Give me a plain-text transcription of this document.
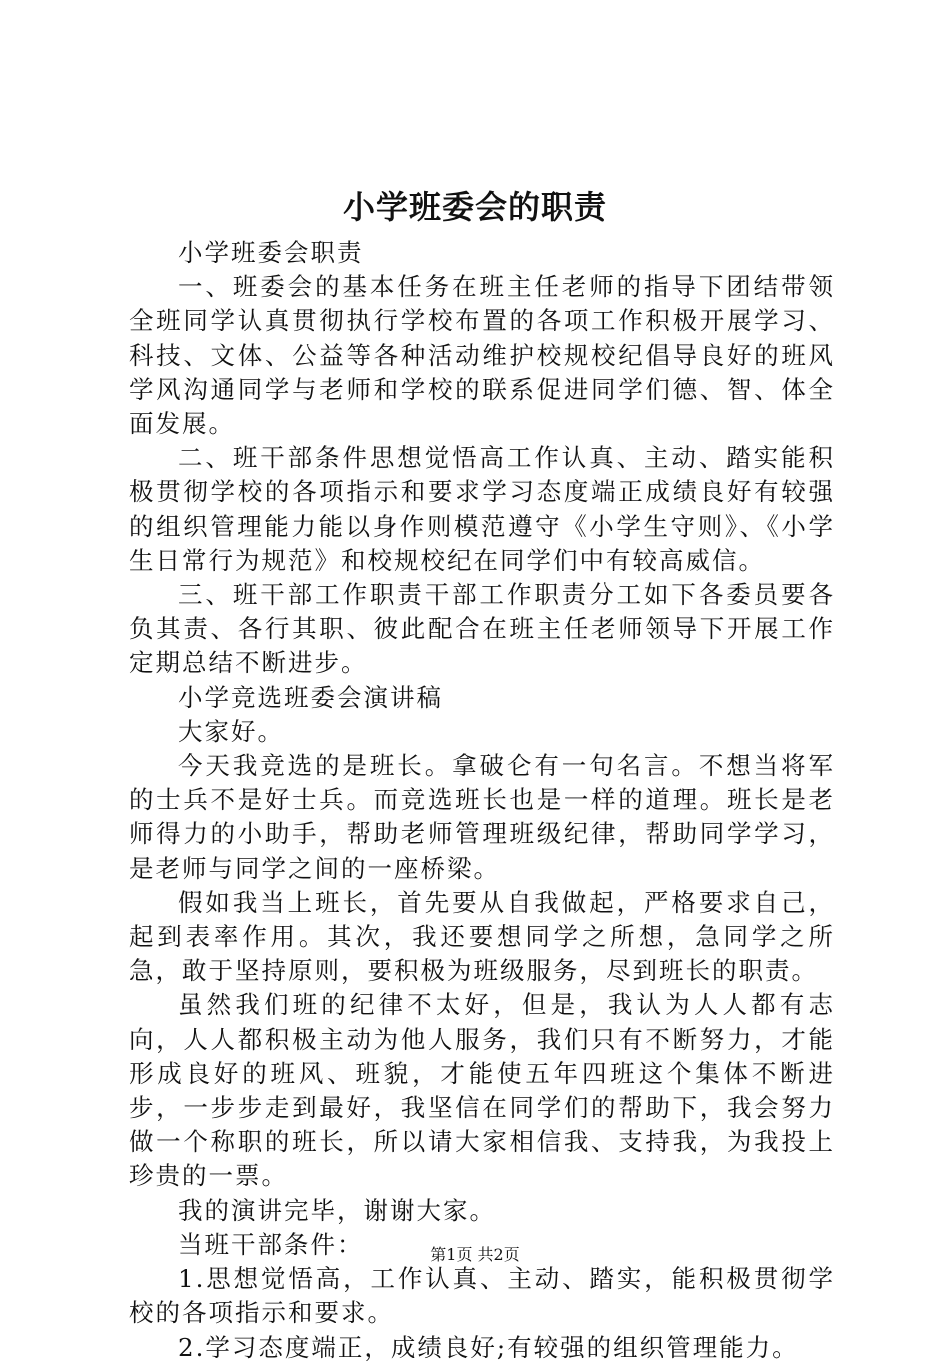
小学班委会的职责

小学班委会职责

一、班委会的基本任务在班主任老师的指导下团结带领全班同学认真贯彻执行学校布置的各项工作积极开展学习、科技、文体、公益等各种活动维护校规校纪倡导良好的班风学风沟通同学与老师和学校的联系促进同学们德、智、体全面发展。

二、班干部条件思想觉悟高工作认真、主动、踏实能积极贯彻学校的各项指示和要求学习态度端正成绩良好有较强的组织管理能力能以身作则模范遵守《小学生守则》、《小学生日常行为规范》和校规校纪在同学们中有较高威信。

三、班干部工作职责干部工作职责分工如下各委员要各负其责、各行其职、彼此配合在班主任老师领导下开展工作定期总结不断进步。

小学竞选班委会演讲稿

大家好。

今天我竞选的是班长。拿破仑有一句名言。不想当将军的士兵不是好士兵。而竞选班长也是一样的道理。班长是老师得力的小助手，帮助老师管理班级纪律，帮助同学学习，是老师与同学之间的一座桥梁。

假如我当上班长，首先要从自我做起，严格要求自己，起到表率作用。其次，我还要想同学之所想，急同学之所急，敢于坚持原则，要积极为班级服务，尽到班长的职责。

虽然我们班的纪律不太好，但是，我认为人人都有志向，人人都积极主动为他人服务，我们只有不断努力，才能形成良好的班风、班貌，才能使五年四班这个集体不断进步，一步步走到最好，我坚信在同学们的帮助下，我会努力做一个称职的班长，所以请大家相信我、支持我，为我投上珍贵的一票。

我的演讲完毕，谢谢大家。

当班干部条件：

1.思想觉悟高，工作认真、主动、踏实，能积极贯彻学校的各项指示和要求。

2.学习态度端正，成绩良好;有较强的组织管理能力。

第1页 共2页
